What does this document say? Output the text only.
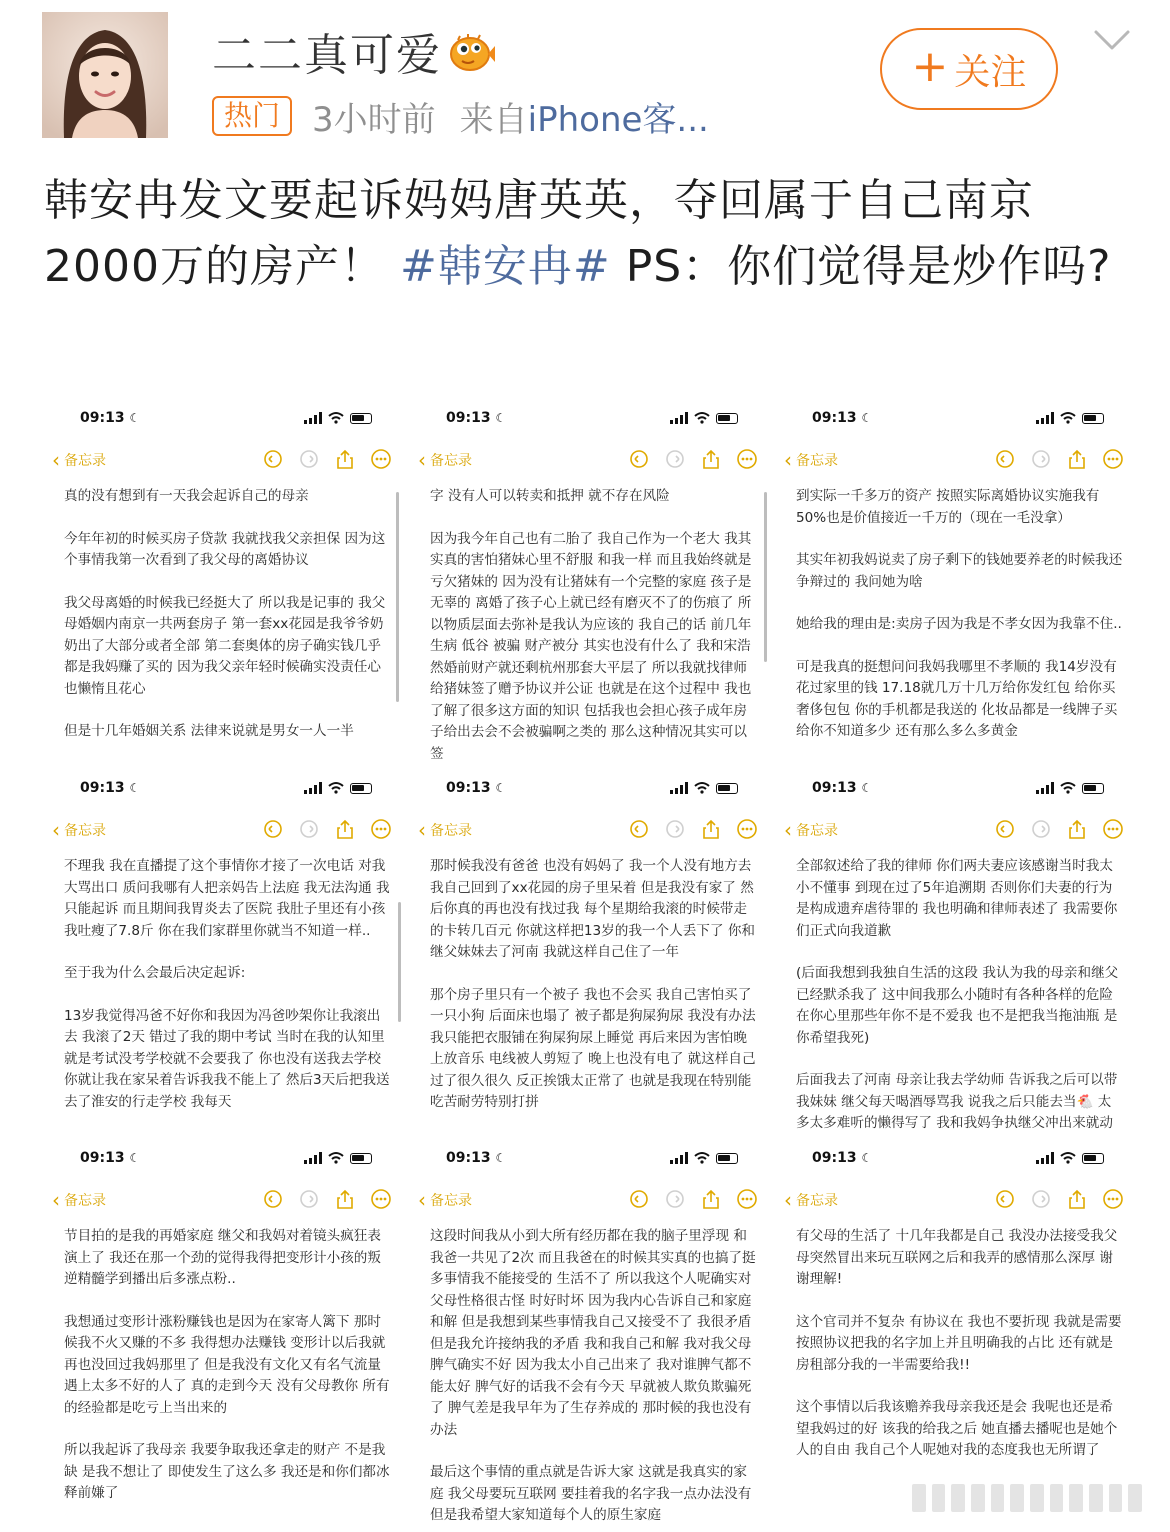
二二真可爱
热门 3小时前 来自 iPhone客...
+ 关注
韩安冉发文要起诉妈妈唐英英，夺回属于自己南京2000万的房产！ #韩安冉# PS：你们觉得是炒作吗?
09:13 ☾
‹ 备忘录

真的没有想到有一天我会起诉自己的母亲

今年年初的时候买房子贷款 我就找我父亲担保 因为这个事情我第一次看到了我父母的离婚协议

我父母离婚的时候我已经挺大了 所以我是记事的 我父母婚姻内南京一共两套房子 第一套xx花园是我爷爷奶奶出了大部分或者全部 第二套奥体的房子确实钱几乎都是我妈赚了买的 因为我父亲年轻时候确实没责任心也懒惰且花心

但是十几年婚姻关系 法律来说就是男女一人一半

09:13 ☾
‹ 备忘录

字 没有人可以转卖和抵押 就不存在风险

因为我今年自己也有二胎了 我自己作为一个老大 我其实真的害怕猪妹心里不舒服 和我一样 而且我始终就是亏欠猪妹的 因为没有让猪妹有一个完整的家庭 孩子是无辜的 离婚了孩子心上就已经有磨灭不了的伤痕了 所以物质层面去弥补是我认为应该的 我自己的话 前几年生病 低谷 被骗 财产被分 其实也没有什么了 我和宋浩然婚前财产就还剩杭州那套大平层了 所以我就找律师给猪妹签了赠予协议并公证 也就是在这个过程中 我也了解了很多这方面的知识 包括我也会担心孩子成年房子给出去会不会被骗啊之类的 那么这种情况其实可以签

09:13 ☾
‹ 备忘录

到实际一千多万的资产 按照实际离婚协议实施我有50%也是价值接近一千万的（现在一毛没拿）

其实年初我妈说卖了房子剩下的钱她要养老的时候我还争辩过的 我问她为啥

她给我的理由是:卖房子因为我是不孝女因为我靠不住..

可是我真的挺想问问我妈我哪里不孝顺的 我14岁没有花过家里的钱 17.18就几万十几万给你发红包 给你买奢侈包包 你的手机都是我送的 化妆品都是一线牌子买给你不知道多少 还有那么多么多黄金

09:13 ☾
‹ 备忘录

不理我 我在直播提了这个事情你才接了一次电话 对我大骂出口 质问我哪有人把亲妈告上法庭 我无法沟通 我只能起诉 而且期间我胃炎去了医院 我肚子里还有小孩我吐瘦了7.8斤 你在我们家群里你就当不知道一样..

至于我为什么会最后决定起诉:

13岁我觉得冯爸不好你和我因为冯爸吵架你让我滚出去 我滚了2天 错过了我的期中考试 当时在我的认知里就是考试没考学校就不会要我了 你也没有送我去学校你就让我在家呆着告诉我我不能上了 然后3天后把我送去了淮安的行走学校 我每天

09:13 ☾
‹ 备忘录

那时候我没有爸爸 也没有妈妈了 我一个人没有地方去 我自己回到了xx花园的房子里呆着 但是我没有家了 然后你真的再也没有找过我 每个星期给我滚的时候带走的卡转几百元 你就这样把13岁的我一个人丢下了 你和继父妹妹去了河南 我就这样自己住了一年

那个房子里只有一个被子 我也不会买 我自己害怕买了一只小狗 后面床也塌了 被子都是狗屎狗尿 我没有办法 我只能把衣服铺在狗屎狗尿上睡觉 再后来因为害怕晚上放音乐 电线被人剪短了 晚上也没有电了 就这样自己过了很久很久 反正挨饿太正常了 也就是我现在特别能吃苦耐劳特别打拼

09:13 ☾
‹ 备忘录

全部叙述给了我的律师 你们两夫妻应该感谢当时我太小不懂事 到现在过了5年追溯期 否则你们夫妻的行为是构成遗弃虐待罪的 我也明确和律师表述了 我需要你们正式向我道歉

(后面我想到我独自生活的这段 我认为我的母亲和继父已经默杀我了 这中间我那么小随时有各种各样的危险 在你心里那些年你不是不爱我 也不是把我当拖油瓶 是你希望我死)

后面我去了河南 母亲让我去学幼师 告诉我之后可以带我妹妹 继父每天喝酒辱骂我 说我之后只能去当🐔 太多太多难听的懒得写了 我和我妈争执继父冲出来就动

09:13 ☾
‹ 备忘录

节目拍的是我的再婚家庭 继父和我妈对着镜头疯狂表演上了 我还在那一个劲的觉得我得把变形计小孩的叛逆精髓学到播出后多涨点粉..

我想通过变形计涨粉赚钱也是因为在家寄人篱下 那时候我不火又赚的不多 我得想办法赚钱 变形计以后我就再也没回过我妈那里了 但是我没有文化又有名气流量 遇上太多不好的人了 真的走到今天 没有父母教你 所有的经验都是吃亏上当出来的

所以我起诉了我母亲 我要争取我还拿走的财产 不是我缺 是我不想让了 即使发生了这么多 我还是和你们都冰释前嫌了

09:13 ☾
‹ 备忘录

这段时间我从小到大所有经历都在我的脑子里浮现 和我爸一共见了2次 而且我爸在的时候其实真的也搞了挺多事情我不能接受的 生活不了 所以我这个人呢确实对父母性格很古怪 时好时坏 因为我内心告诉自己和家庭和解 但是我想到某些事情我自己又接受不了 我很矛盾 但是我允许接纳我的矛盾 我和我自己和解 我对我父母脾气确实不好 因为我太小自己出来了 我对谁脾气都不能太好 脾气好的话我不会有今天 早就被人欺负欺骗死了 脾气差是我早年为了生存养成的 那时候的我也没有办法

最后这个事情的重点就是告诉大家 这就是我真实的家庭 我父母要玩互联网 要挂着我的名字我一点办法没有 但是我希望大家知道每个人的原生家庭

09:13 ☾
‹ 备忘录

有父母的生活了 十几年我都是自己 我没办法接受我父母突然冒出来玩互联网之后和我弄的感情那么深厚 谢谢理解!

这个官司并不复杂 有协议在 我也不要折现 我就是需要按照协议把我的名字加上并且明确我的占比 还有就是房租部分我的一半需要给我!!

这个事情以后我该赡养我母亲我还是会 我呢也还是希望我妈过的好 该我的给我之后 她直播去播呢也是她个人的自由 我自己个人呢她对我的态度我也无所谓了
